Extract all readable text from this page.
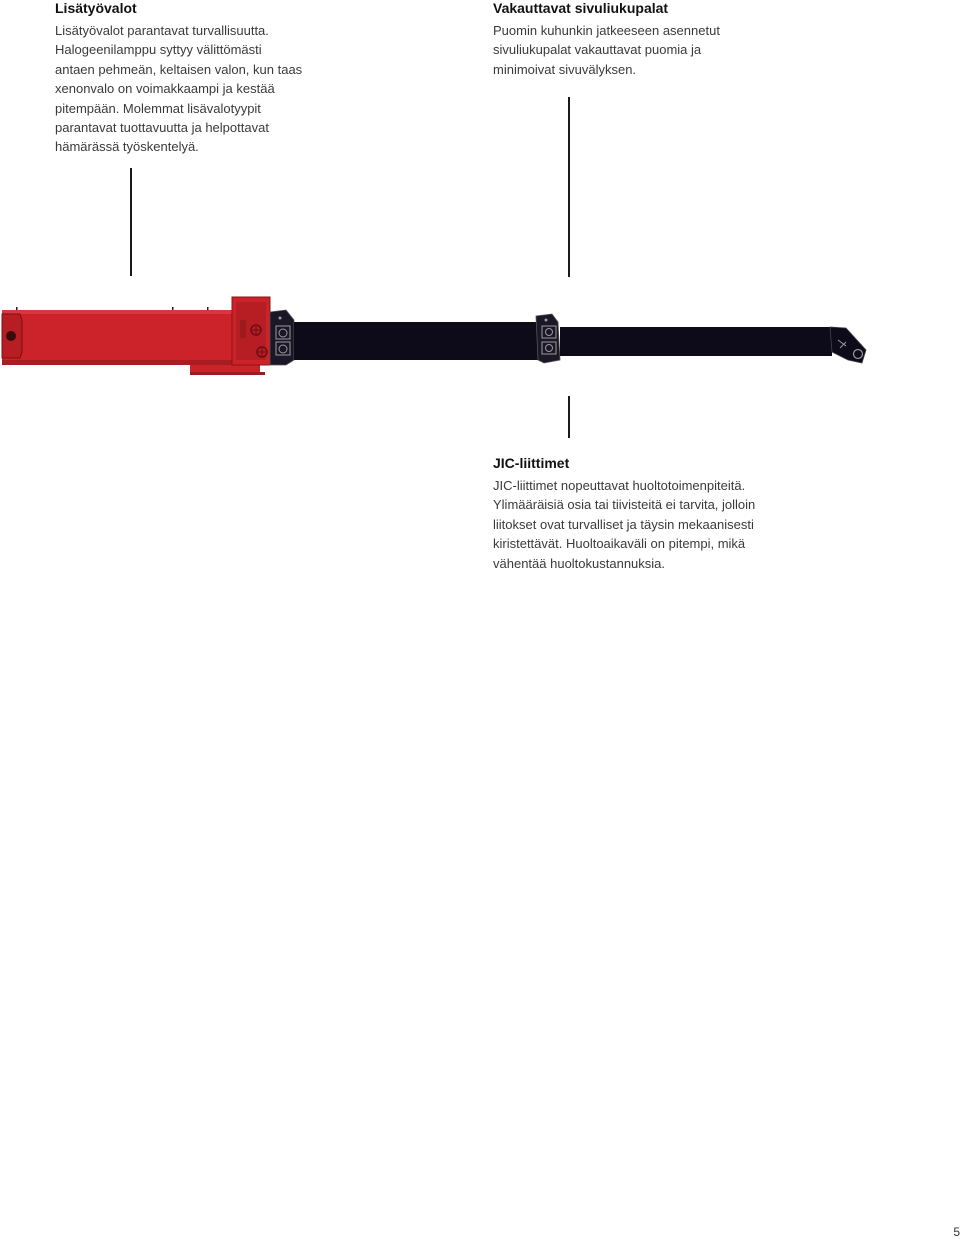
Lisätyövalot

Lisätyövalot parantavat turvallisuutta.
Halogeenilamppu syttyy välittömästi
antaen pehmeän, keltaisen valon, kun taas
xenonvalo on voimakkaampi ja kestää
pitempään. Molemmat lisävalotyypit
parantavat tuottavuutta ja helpottavat
hämärässä työskentelyä.

Vakauttavat sivuliukupalat

Puomin kuhunkin jatkeeseen asennetut
sivuliukupalat vakauttavat puomia ja
minimoivat sivuvälyksen.

JIC-liittimet

JIC-liittimet nopeuttavat huoltotoimenpiteitä.
Ylimääräisiä osia tai tiivisteitä ei tarvita, jolloin
liitokset ovat turvalliset ja täysin mekaanisesti
kiristettävät. Huoltoaikaväli on pitempi, mikä
vähentää huoltokustannuksia.

5
